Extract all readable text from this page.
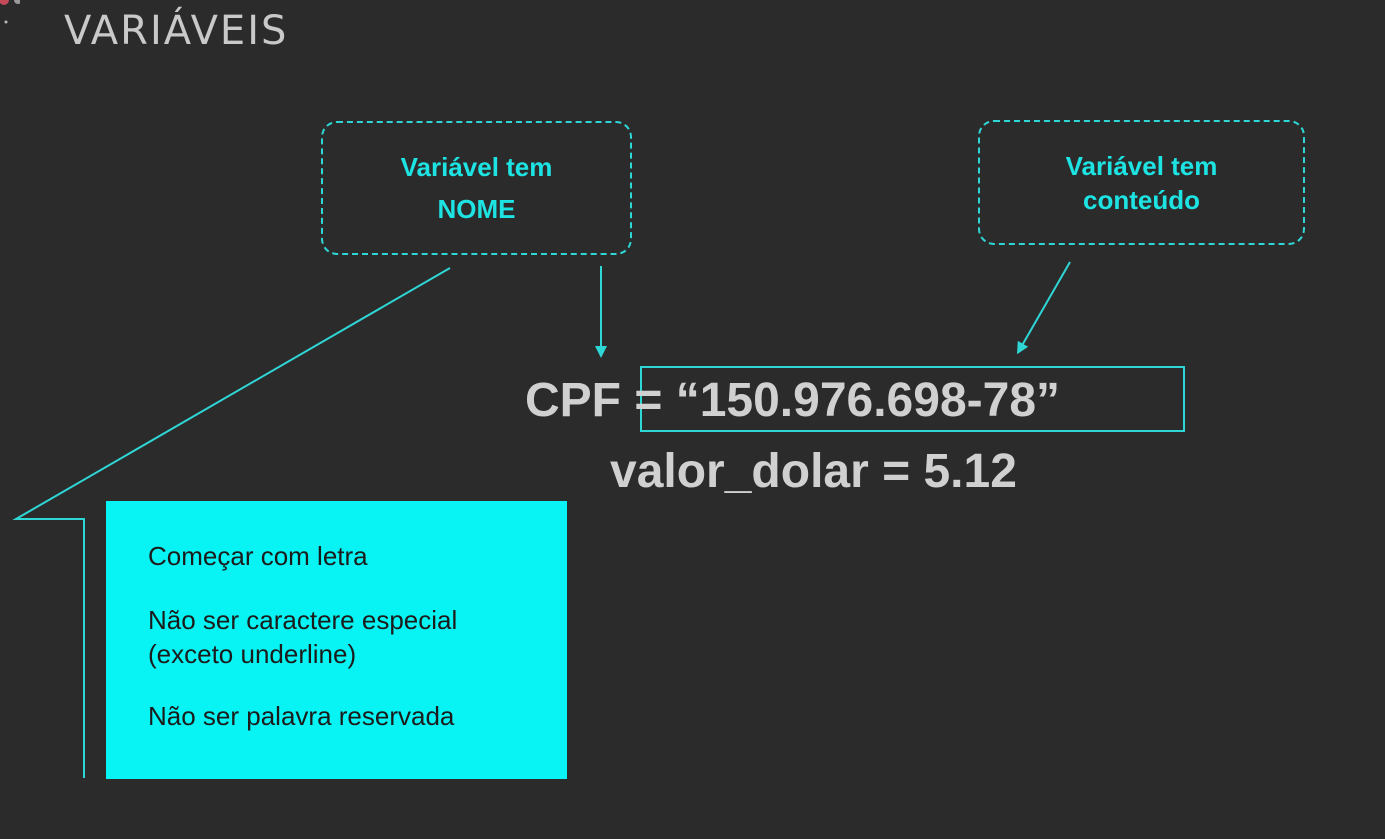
VARIÁVEIS
Variável tem
NOME
Variável tem
conteúdo
CPF = “150.976.698-78”
valor_dolar = 5.12

Começar com letra

Não ser caractere especial
(exceto underline)

Não ser palavra reservada
